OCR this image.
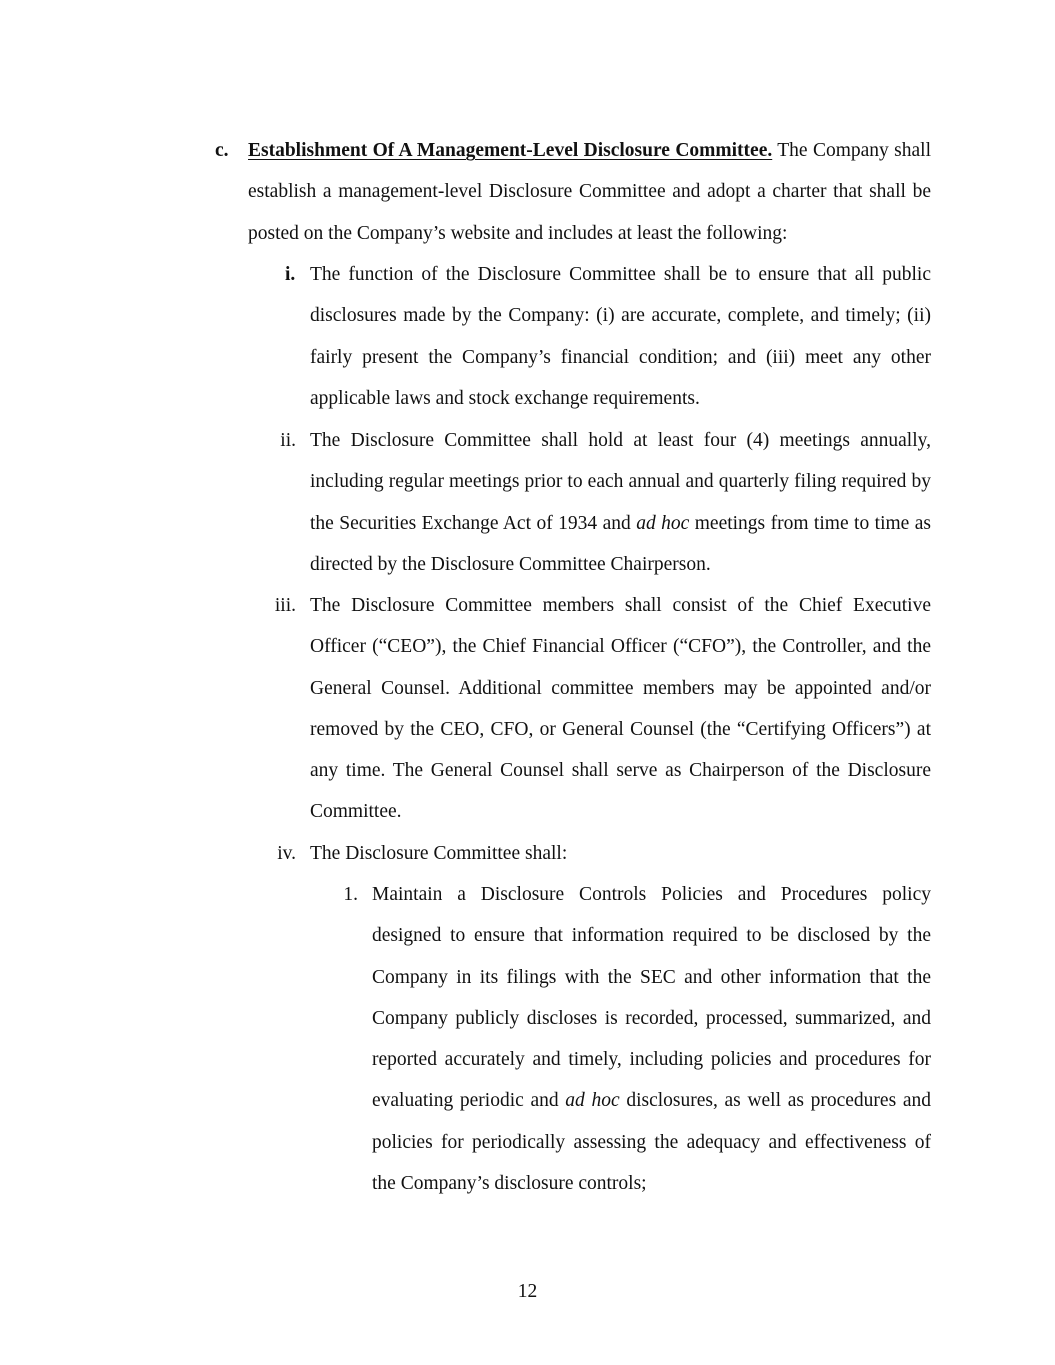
c. Establishment Of A Management-Level Disclosure Committee. The Company shall establish a management-level Disclosure Committee and adopt a charter that shall be posted on the Company’s website and includes at least the following:
i. The function of the Disclosure Committee shall be to ensure that all public disclosures made by the Company: (i) are accurate, complete, and timely; (ii) fairly present the Company’s financial condition; and (iii) meet any other applicable laws and stock exchange requirements.
ii. The Disclosure Committee shall hold at least four (4) meetings annually, including regular meetings prior to each annual and quarterly filing required by the Securities Exchange Act of 1934 and ad hoc meetings from time to time as directed by the Disclosure Committee Chairperson.
iii. The Disclosure Committee members shall consist of the Chief Executive Officer (“CEO”), the Chief Financial Officer (“CFO”), the Controller, and the General Counsel. Additional committee members may be appointed and/or removed by the CEO, CFO, or General Counsel (the “Certifying Officers”) at any time. The General Counsel shall serve as Chairperson of the Disclosure Committee.
iv. The Disclosure Committee shall:
1. Maintain a Disclosure Controls Policies and Procedures policy designed to ensure that information required to be disclosed by the Company in its filings with the SEC and other information that the Company publicly discloses is recorded, processed, summarized, and reported accurately and timely, including policies and procedures for evaluating periodic and ad hoc disclosures, as well as procedures and policies for periodically assessing the adequacy and effectiveness of the Company’s disclosure controls;
12
